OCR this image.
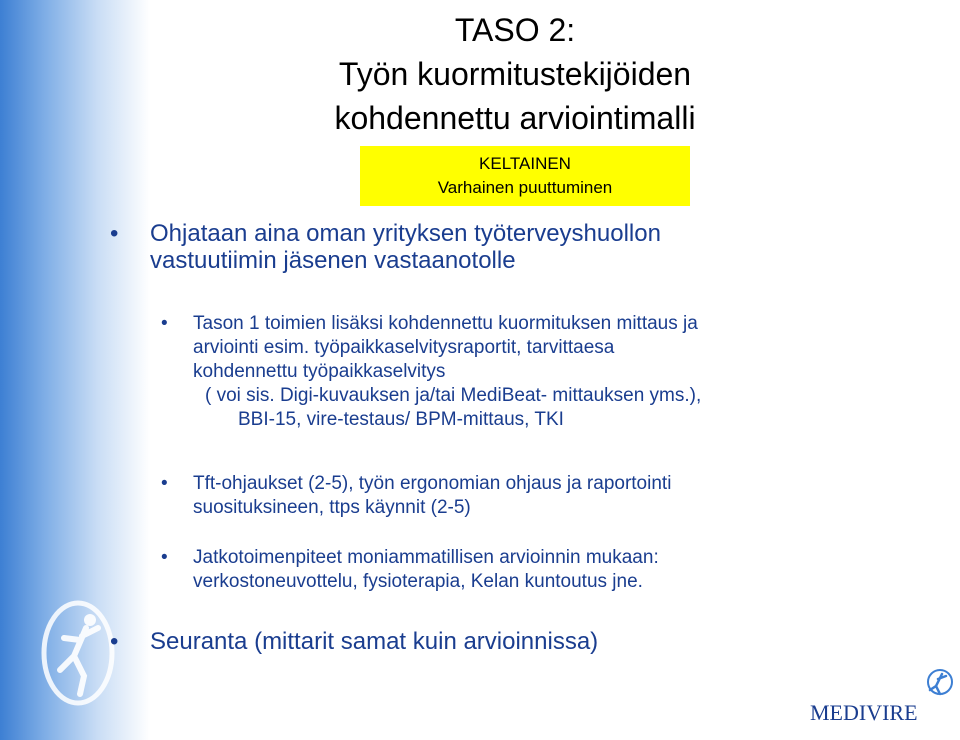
TASO 2:
Työn kuormitustekijöiden
kohdennettu arviointimalli
KELTAINEN
Varhainen puuttuminen
• Ohjataan aina oman yrityksen työterveyshuollon
vastuutiimin jäsenen vastaanotolle
• Tason 1 toimien lisäksi kohdennettu kuormituksen mittaus ja
arviointi esim. työpaikkaselvitysraportit, tarvittaesa
kohdennettu työpaikkaselvitys
( voi sis. Digi-kuvauksen ja/tai MediBeat- mittauksen yms.),
BBI-15, vire-testaus/ BPM-mittaus, TKI
• Tft-ohjaukset (2-5), työn ergonomian ohjaus ja raportointi
suosituksineen, ttps käynnit (2-5)
• Jatkotoimenpiteet moniammatillisen arvioinnin mukaan:
verkostoneuvottelu, fysioterapia, Kelan kuntoutus jne.
• Seuranta (mittarit samat kuin arvioinnissa)
MEDIVIRE
